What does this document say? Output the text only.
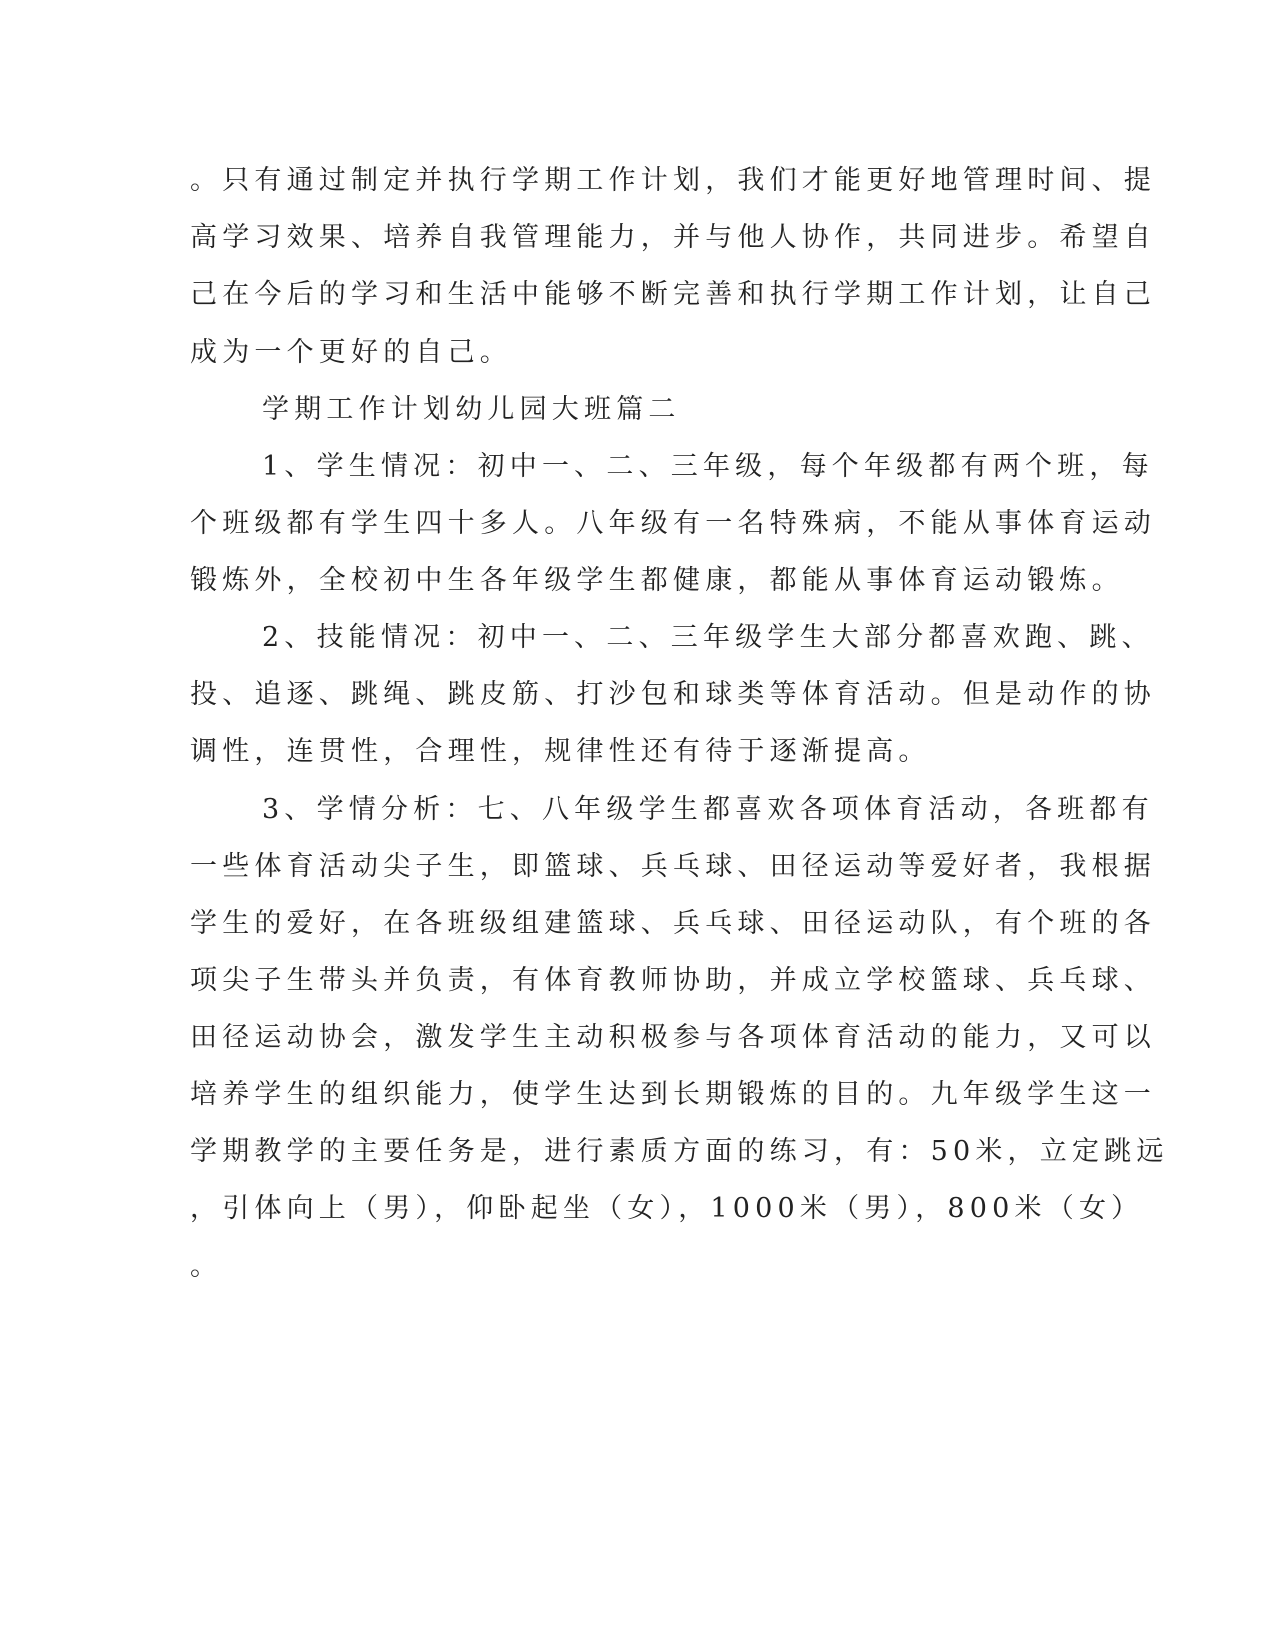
。只有通过制定并执行学期工作计划，我们才能更好地管理时间、提
高学习效果、培养自我管理能力，并与他人协作，共同进步。希望自
己在今后的学习和生活中能够不断完善和执行学期工作计划，让自己
成为一个更好的自己。
学期工作计划幼儿园大班篇二
1、学生情况：初中一、二、三年级，每个年级都有两个班，每
个班级都有学生四十多人。八年级有一名特殊病，不能从事体育运动
锻炼外，全校初中生各年级学生都健康，都能从事体育运动锻炼。
2、技能情况：初中一、二、三年级学生大部分都喜欢跑、跳、
投、追逐、跳绳、跳皮筋、打沙包和球类等体育活动。但是动作的协
调性，连贯性，合理性，规律性还有待于逐渐提高。
3、学情分析：七、八年级学生都喜欢各项体育活动，各班都有
一些体育活动尖子生，即篮球、兵乓球、田径运动等爱好者，我根据
学生的爱好，在各班级组建篮球、兵乓球、田径运动队，有个班的各
项尖子生带头并负责，有体育教师协助，并成立学校篮球、兵乓球、
田径运动协会，激发学生主动积极参与各项体育活动的能力，又可以
培养学生的组织能力，使学生达到长期锻炼的目的。九年级学生这一
学期教学的主要任务是，进行素质方面的练习，有：50米，立定跳远
，引体向上（男），仰卧起坐（女），1000米（男），800米（女）
。
